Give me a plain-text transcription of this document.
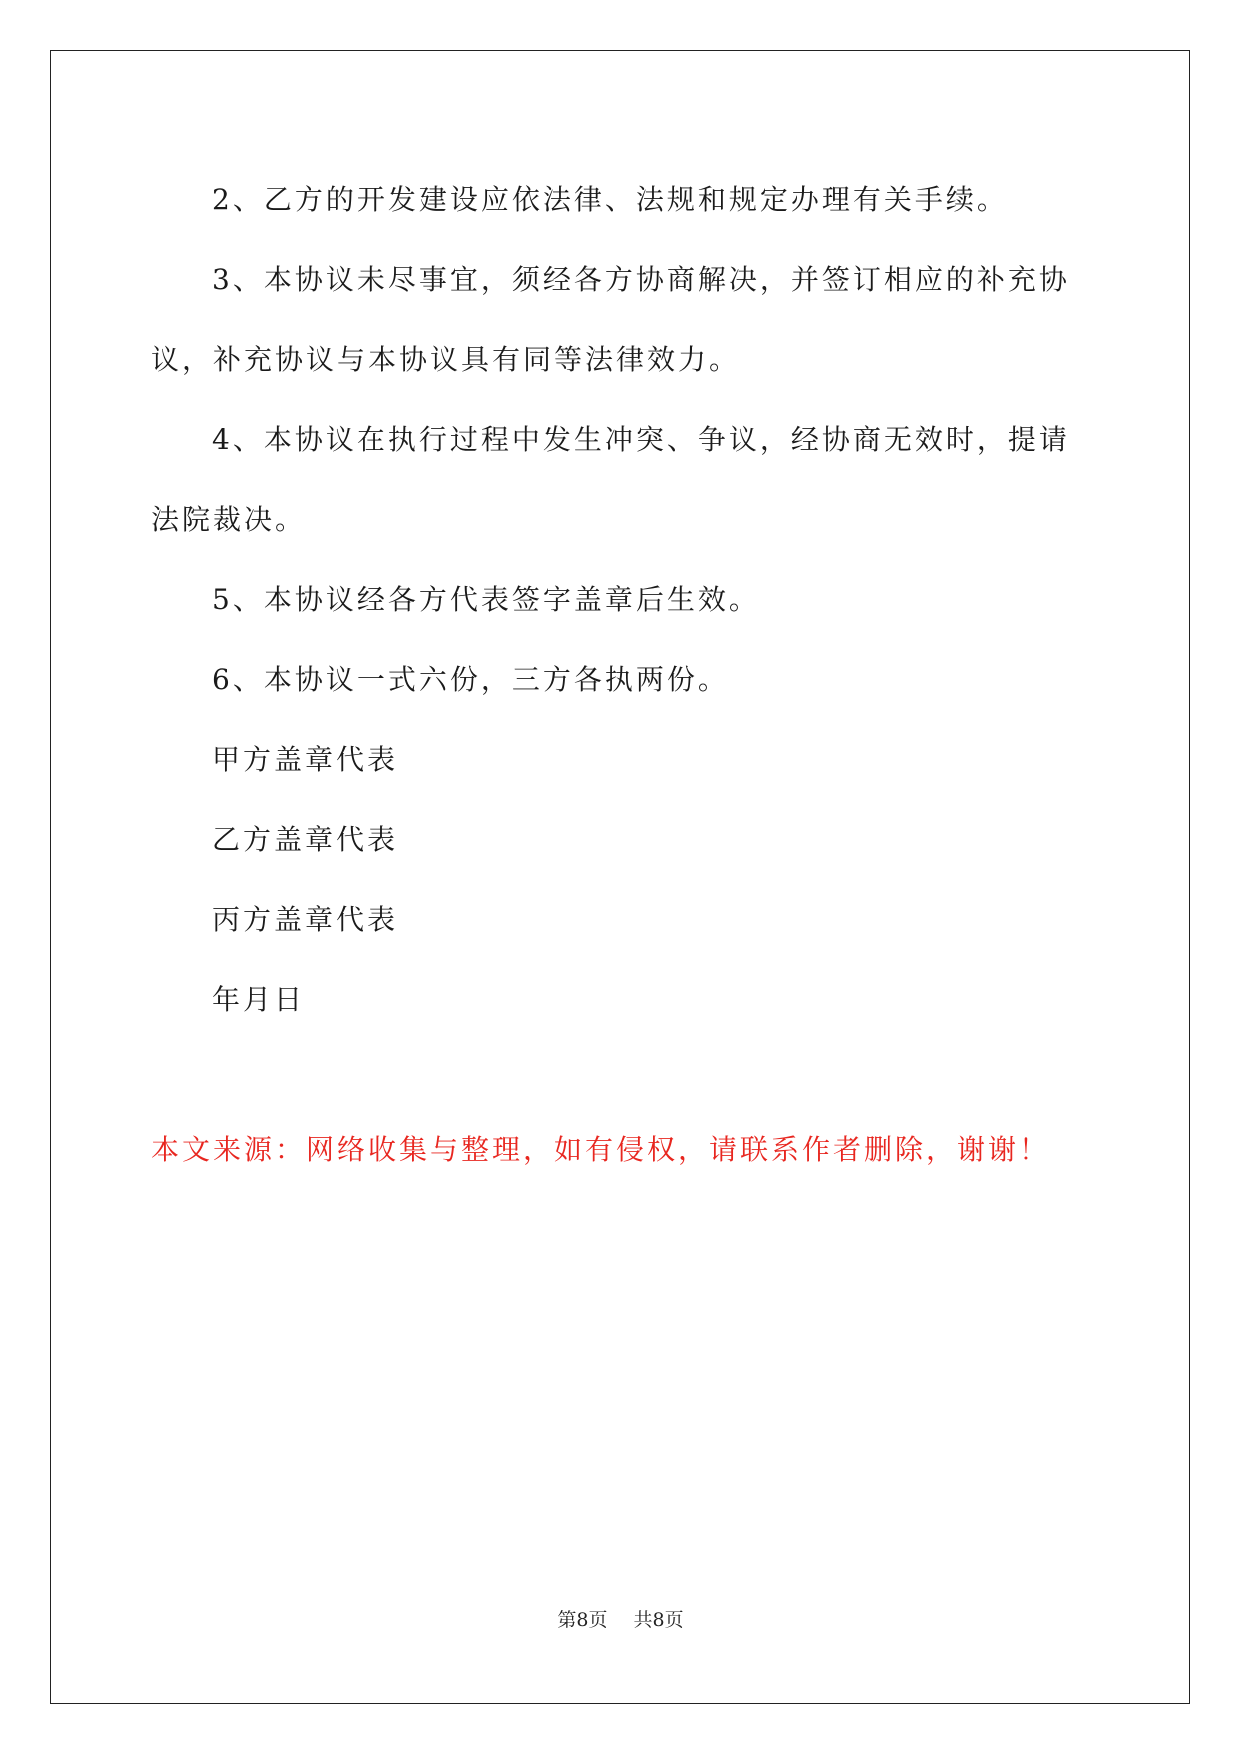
2、乙方的开发建设应依法律、法规和规定办理有关手续。

3、本协议未尽事宜，须经各方协商解决，并签订相应的补充协议，补充协议与本协议具有同等法律效力。

4、本协议在执行过程中发生冲突、争议，经协商无效时，提请法院裁决。

5、本协议经各方代表签字盖章后生效。

6、本协议一式六份，三方各执两份。

甲方盖章代表

乙方盖章代表

丙方盖章代表

年月日

本文来源：网络收集与整理，如有侵权，请联系作者删除，谢谢！

第8页 共8页
